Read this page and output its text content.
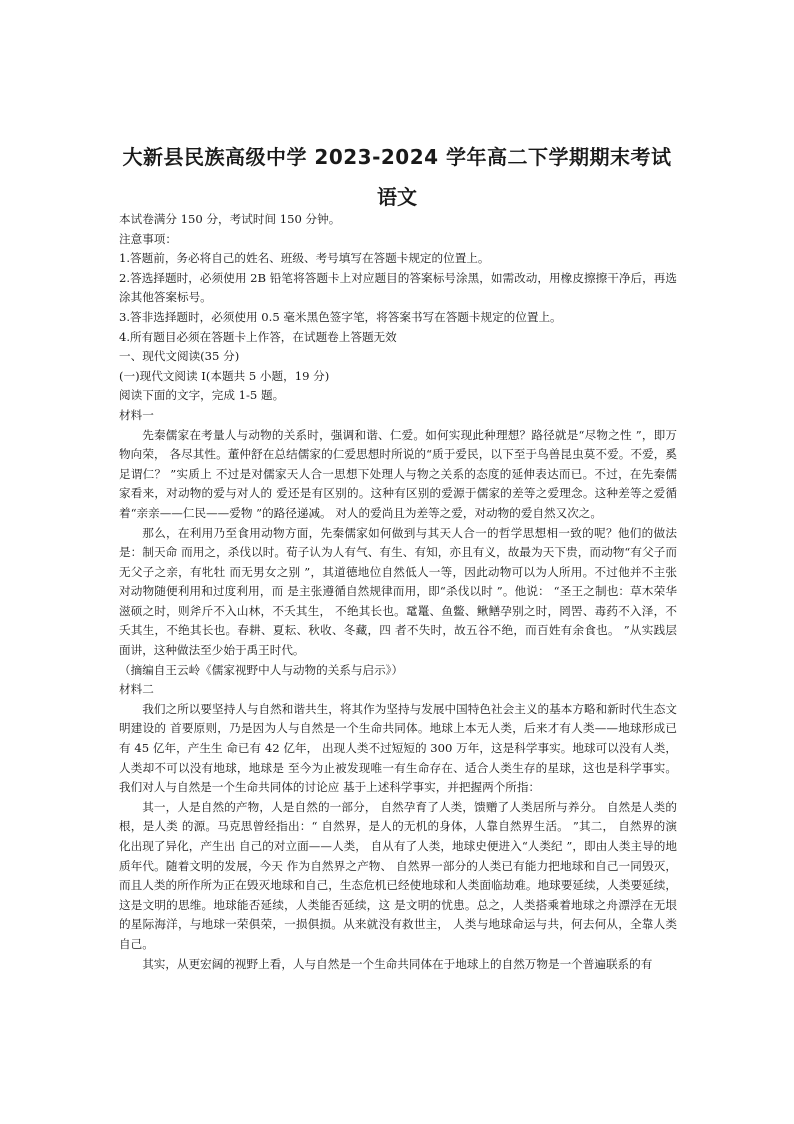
大新县民族高级中学 2023-2024 学年高二下学期期末考试
语文

本试卷满分 150 分，考试时间 150 分钟。

注意事项：

1.答题前，务必将自己的姓名、班级、考号填写在答题卡规定的位置上。

2.答选择题时，必须使用 2B 铅笔将答题卡上对应题目的答案标号涂黑，如需改动，用橡皮擦擦干净后，再选涂其他答案标号。

3.答非选择题时，必须使用 0.5 毫米黑色签字笔，将答案书写在答题卡规定的位置上。

4.所有题目必须在答题卡上作答，在试题卷上答题无效

一、现代文阅读(35 分)

(一)现代文阅读 I(本题共 5 小题，19 分)

阅读下面的文字，完成 1-5 题。

材料一

先秦儒家在考量人与动物的关系时，强调和谐、仁爱。如何实现此种理想？路径就是“尽物之性 ”，即万物向荣， 各尽其性。董仲舒在总结儒家的仁爱思想时所说的“质于爱民，以下至于鸟兽昆虫莫不爱。不爱，奚足谓仁？ ”实质上 不过是对儒家天人合一思想下处理人与物之关系的态度的延伸表达而已。不过，在先秦儒家看来，对动物的爱与对人的 爱还是有区别的。这种有区别的爱源于儒家的差等之爱理念。这种差等之爱循着“亲亲——仁民——爱物 ”的路径递减。 对人的爱尚且为差等之爱，对动物的爱自然又次之。

那么，在利用乃至食用动物方面，先秦儒家如何做到与其天人合一的哲学思想相一致的呢？他们的做法是：制天命 而用之，杀伐以时。荀子认为人有气、有生、有知，亦且有义，故最为天下贵，而动物“有父子而无父子之亲，有牝牡 而无男女之别 ”，其道德地位自然低人一等，因此动物可以为人所用。不过他并不主张对动物随便利用和过度利用，而 是主张遵循自然规律而用，即“杀伐以时 ”。他说： “圣王之制也：草木荣华滋硕之时，则斧斤不入山林，不夭其生， 不绝其长也。鼋鼍、鱼鳖、鳅鳝孕别之时，罔罟、毒药不入泽，不夭其生，不绝其长也。春耕、夏耘、秋收、冬藏，四 者不失时，故五谷不绝，而百姓有余食也。 ”从实践层面讲，这种做法至少始于禹王时代。

（摘编自王云岭《儒家视野中人与动物的关系与启示》）

材料二

我们之所以要坚持人与自然和谐共生，将其作为坚持与发展中国特色社会主义的基本方略和新时代生态文明建设的 首要原则，乃是因为人与自然是一个生命共同体。地球上本无人类，后来才有人类——地球形成已有 45 亿年，产生生 命已有 42 亿年， 出现人类不过短短的 300 万年，这是科学事实。地球可以没有人类，人类却不可以没有地球，地球是 至今为止被发现唯一有生命存在、适合人类生存的星球，这也是科学事实。我们对人与自然是一个生命共同体的讨论应 基于上述科学事实，并把握两个所指：

其一，人是自然的产物，人是自然的一部分， 自然孕育了人类，馈赠了人类居所与养分。 自然是人类的根，是人类 的源。马克思曾经指出：“ 自然界，是人的无机的身体，人靠自然界生活。 ”其二， 自然界的演化出现了异化，产生出 自己的对立面——人类， 自从有了人类，地球史便进入“人类纪 ”，即由人类主导的地质年代。随着文明的发展，今天 作为自然界之产物、 自然界一部分的人类已有能力把地球和自己一同毁灭，而且人类的所作所为正在毁灭地球和自己，生态危机已经使地球和人类面临劫难。地球要延续，人类要延续，这是文明的思维。地球能否延续，人类能否延续，这 是文明的忧患。总之，人类搭乘着地球之舟漂浮在无垠的星际海洋，与地球一荣俱荣，一损俱损。从来就没有救世主， 人类与地球命运与共，何去何从，全靠人类自己。

其实，从更宏阔的视野上看，人与自然是一个生命共同体在于地球上的自然万物是一个普遍联系的有
